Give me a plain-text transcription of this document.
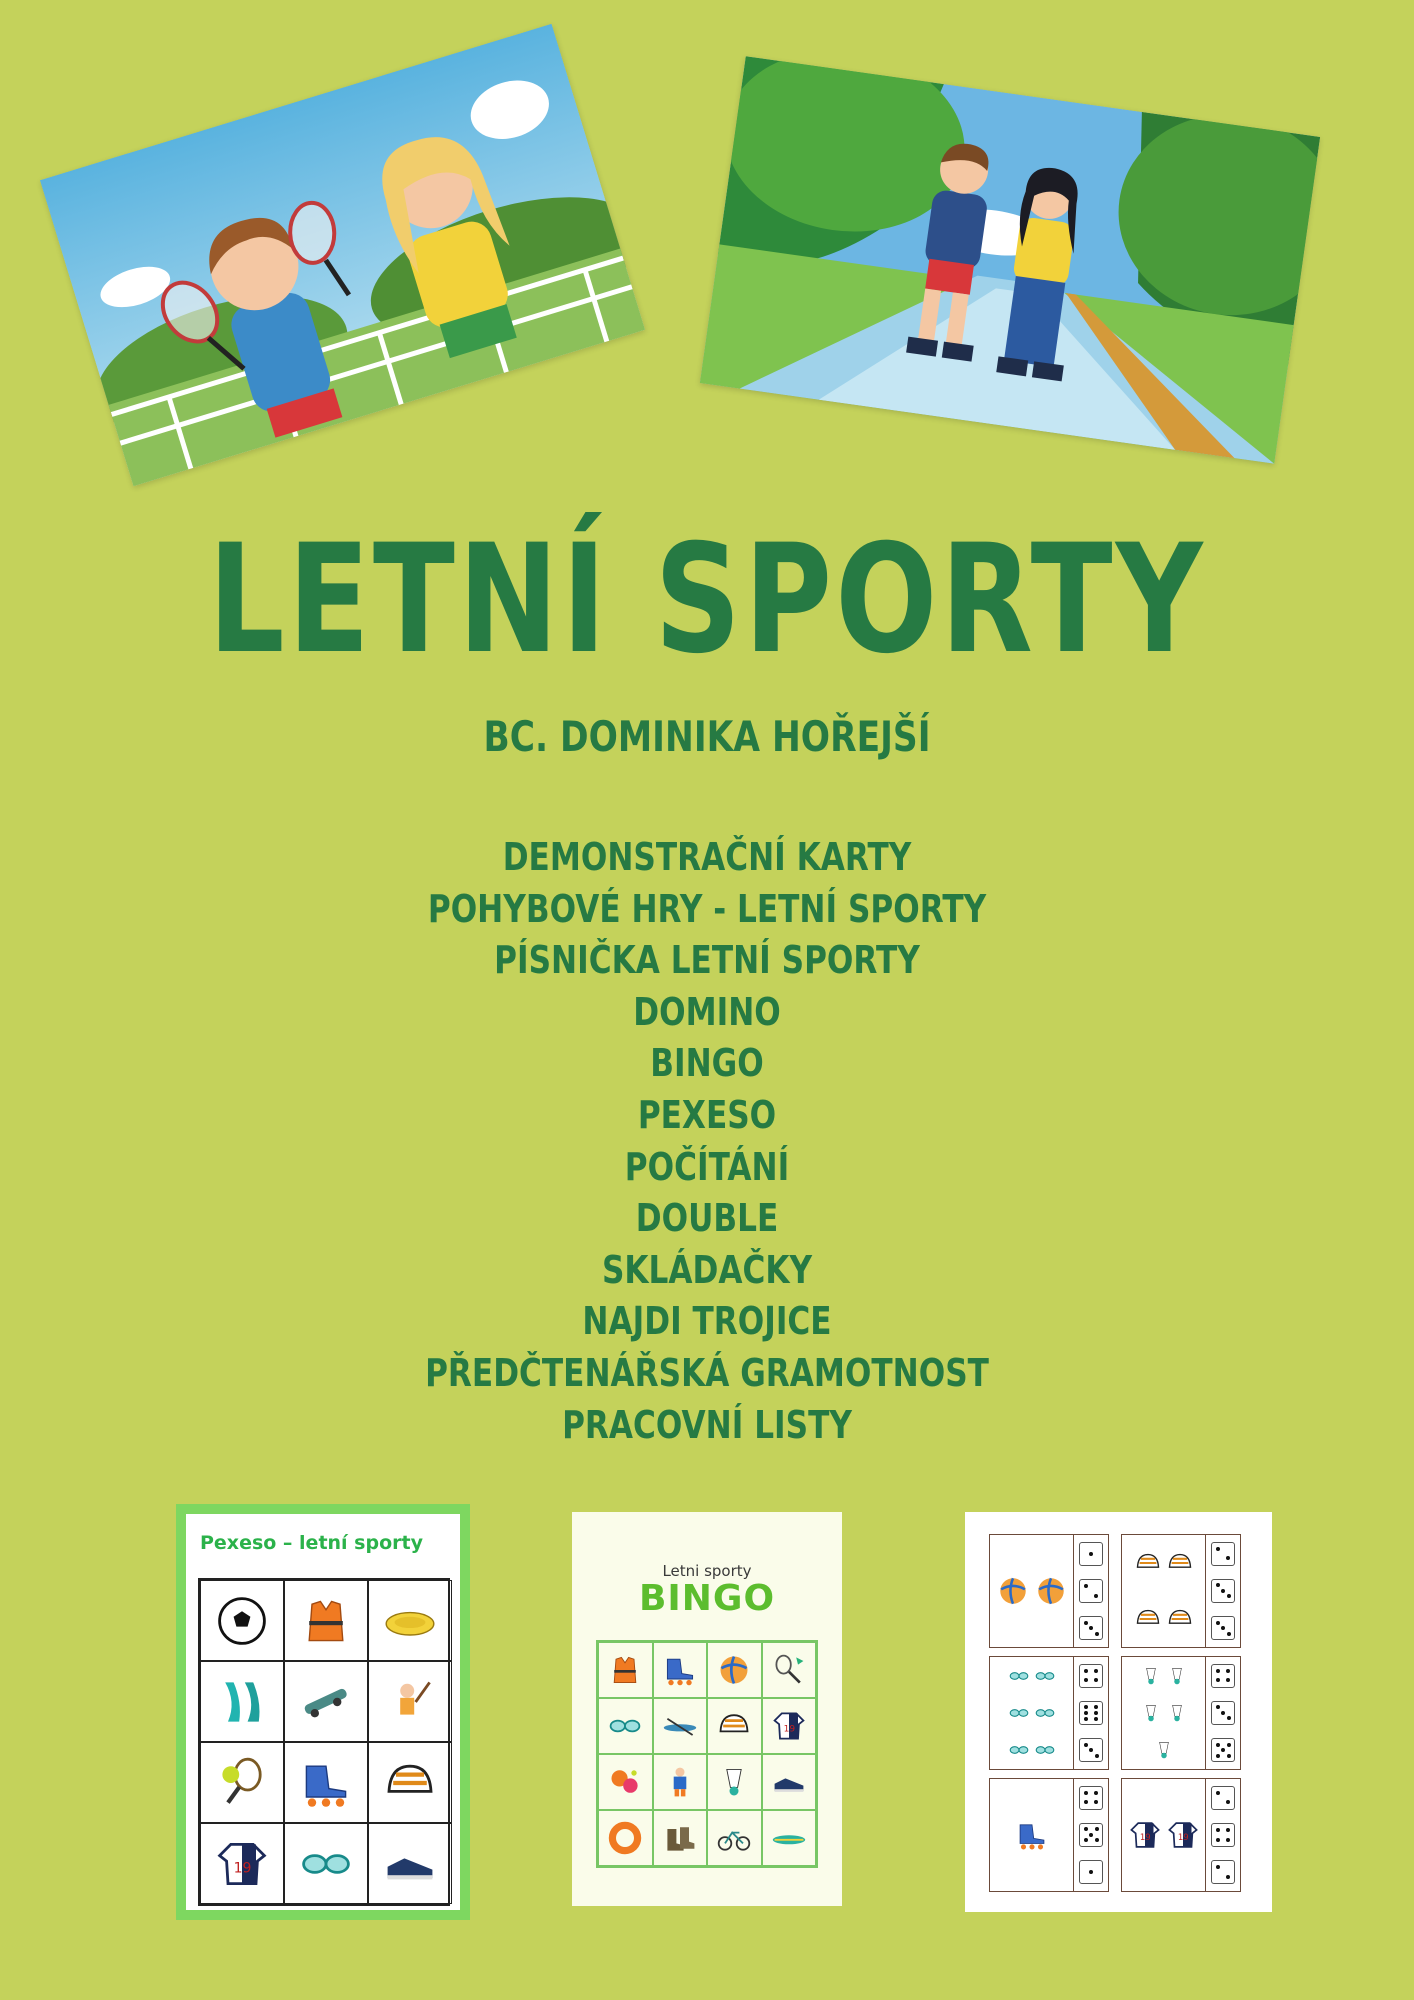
LETNÍ SPORTY
BC. DOMINIKA HOŘEJŠÍ
DEMONSTRAČNÍ KARTY
POHYBOVÉ HRY - LETNÍ SPORTY
PÍSNIČKA LETNÍ SPORTY
DOMINO
BINGO
PEXESO
POČÍTÁNÍ
DOUBLE
SKLÁDAČKY
NAJDI TROJICE
PŘEDČTENÁŘSKÁ GRAMOTNOST
PRACOVNÍ LISTY
Pexeso – letní sporty
19
Letni sporty
BINGO
19
19	19
